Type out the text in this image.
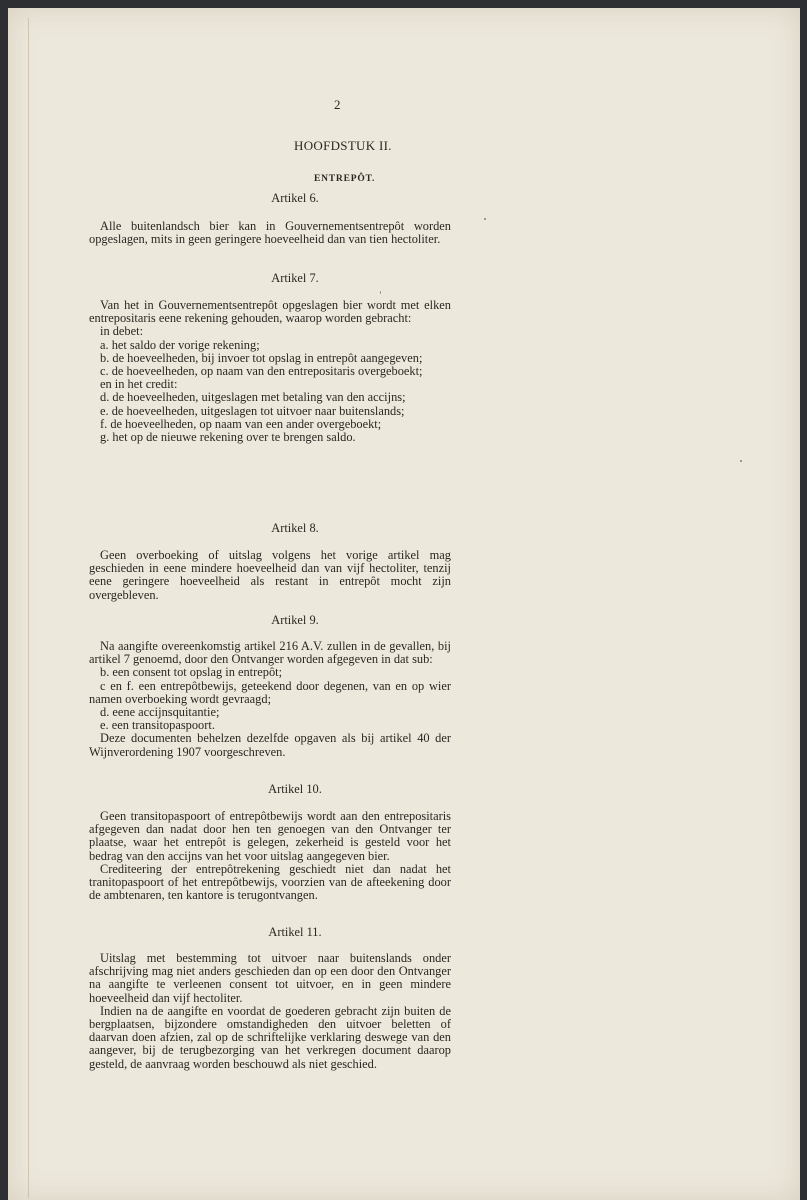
2
HOOFDSTUK II.
ENTREPÔT.
Artikel 6.

Alle buitenlandsch bier kan in Gouvernementsentrepôt worden opgeslagen, mits in geen geringere hoeveelheid dan van tien hectoliter.

Artikel 7.

Van het in Gouvernementsentrepôt opgeslagen bier wordt met elken entrepositaris eene rekening gehouden, waarop worden gebracht:

in debet:

a. het saldo der vorige rekening;

b. de hoeveelheden, bij invoer tot opslag in entrepôt aangegeven;

c. de hoeveelheden, op naam van den entrepositaris overgeboekt;

en in het credit:

d. de hoeveelheden, uitgeslagen met betaling van den accijns;

e. de hoeveelheden, uitgeslagen tot uitvoer naar buitenslands;

f. de hoeveelheden, op naam van een ander overgeboekt;

g. het op de nieuwe rekening over te brengen saldo.

Artikel 8.

Geen overboeking of uitslag volgens het vorige artikel mag geschieden in eene mindere hoeveelheid dan van vijf hectoliter, tenzij eene geringere hoeveelheid als restant in entrepôt mocht zijn overgebleven.

Artikel 9.

Na aangifte overeenkomstig artikel 216 A.V. zullen in de gevallen, bij artikel 7 genoemd, door den Ontvanger worden afgegeven in dat sub:

b. een consent tot opslag in entrepôt;

c en f. een entrepôtbewijs, geteekend door degenen, van en op wier namen overboeking wordt gevraagd;

d. eene accijnsquitantie;

e. een transitopaspoort.

Deze documenten behelzen dezelfde opgaven als bij artikel 40 der Wijnverordening 1907 voorgeschreven.

Artikel 10.

Geen transitopaspoort of entrepôtbewijs wordt aan den entrepositaris afgegeven dan nadat door hen ten genoegen van den Ontvanger ter plaatse, waar het entrepôt is gelegen, zekerheid is gesteld voor het bedrag van den accijns van het voor uitslag aangegeven bier.

Crediteering der entrepôtrekening geschiedt niet dan nadat het tranitopaspoort of het entrepôtbewijs, voorzien van de afteekening door de ambtenaren, ten kantore is terugontvangen.

Artikel 11.

Uitslag met bestemming tot uitvoer naar buitenslands onder afschrijving mag niet anders geschieden dan op een door den Ontvanger na aangifte te verleenen consent tot uitvoer, en in geen mindere hoeveelheid dan vijf hectoliter.

Indien na de aangifte en voordat de goederen gebracht zijn buiten de bergplaatsen, bijzondere omstandigheden den uitvoer beletten of daarvan doen afzien, zal op de schriftelijke verklaring deswege van den aangever, bij de terugbezorging van het verkregen document daarop gesteld, de aanvraag worden beschouwd als niet geschied.
